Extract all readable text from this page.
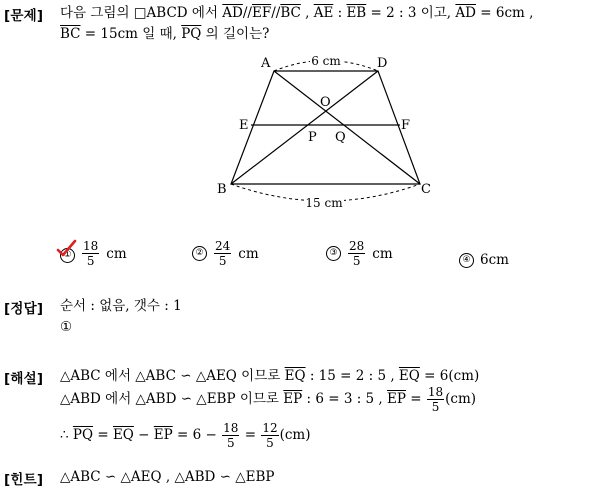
[문제] 다음 그림의 □ABCD 에서 $\overline{AD}//\overline{EF}//\overline{BC}$ , $\overline{AE}$ : $\overline{EB} = 2$ : 3 이고, $\overline{AD} = 6cm$ ,
$\overline{BC} = 15cm$ 일 때, $\overline{PQ}$ 의 길이는?
6 cm
15 cm
A	D
E	F
O
P Q
B	C
① $\frac{18}{5}$ cm	② $\frac{24}{5}$ cm	③ $\frac{28}{5}$ cm	④ 6cm
[정답] 순서 : 없음, 갯수 : 1
①
[해설] △ABC 에서 △ABC ∽ △AEQ 이므로 $\overline{EQ}$ : 15 = 2 : 5 , $\overline{EQ} = 6(cm)$
△ABD 에서 △ABD ∽ △EBP 이므로 $\overline{EP}$ : 6 = 3 : 5 , $\overline{EP} = \frac{18}{5} (cm)$
∴ $\overline{PQ} = \overline{EQ} - \overline{EP} = 6 - \frac{18}{5} = \frac{12}{5} (cm)$
[힌트] △ABC ∽ △AEQ , △ABD ∽ △EBP
